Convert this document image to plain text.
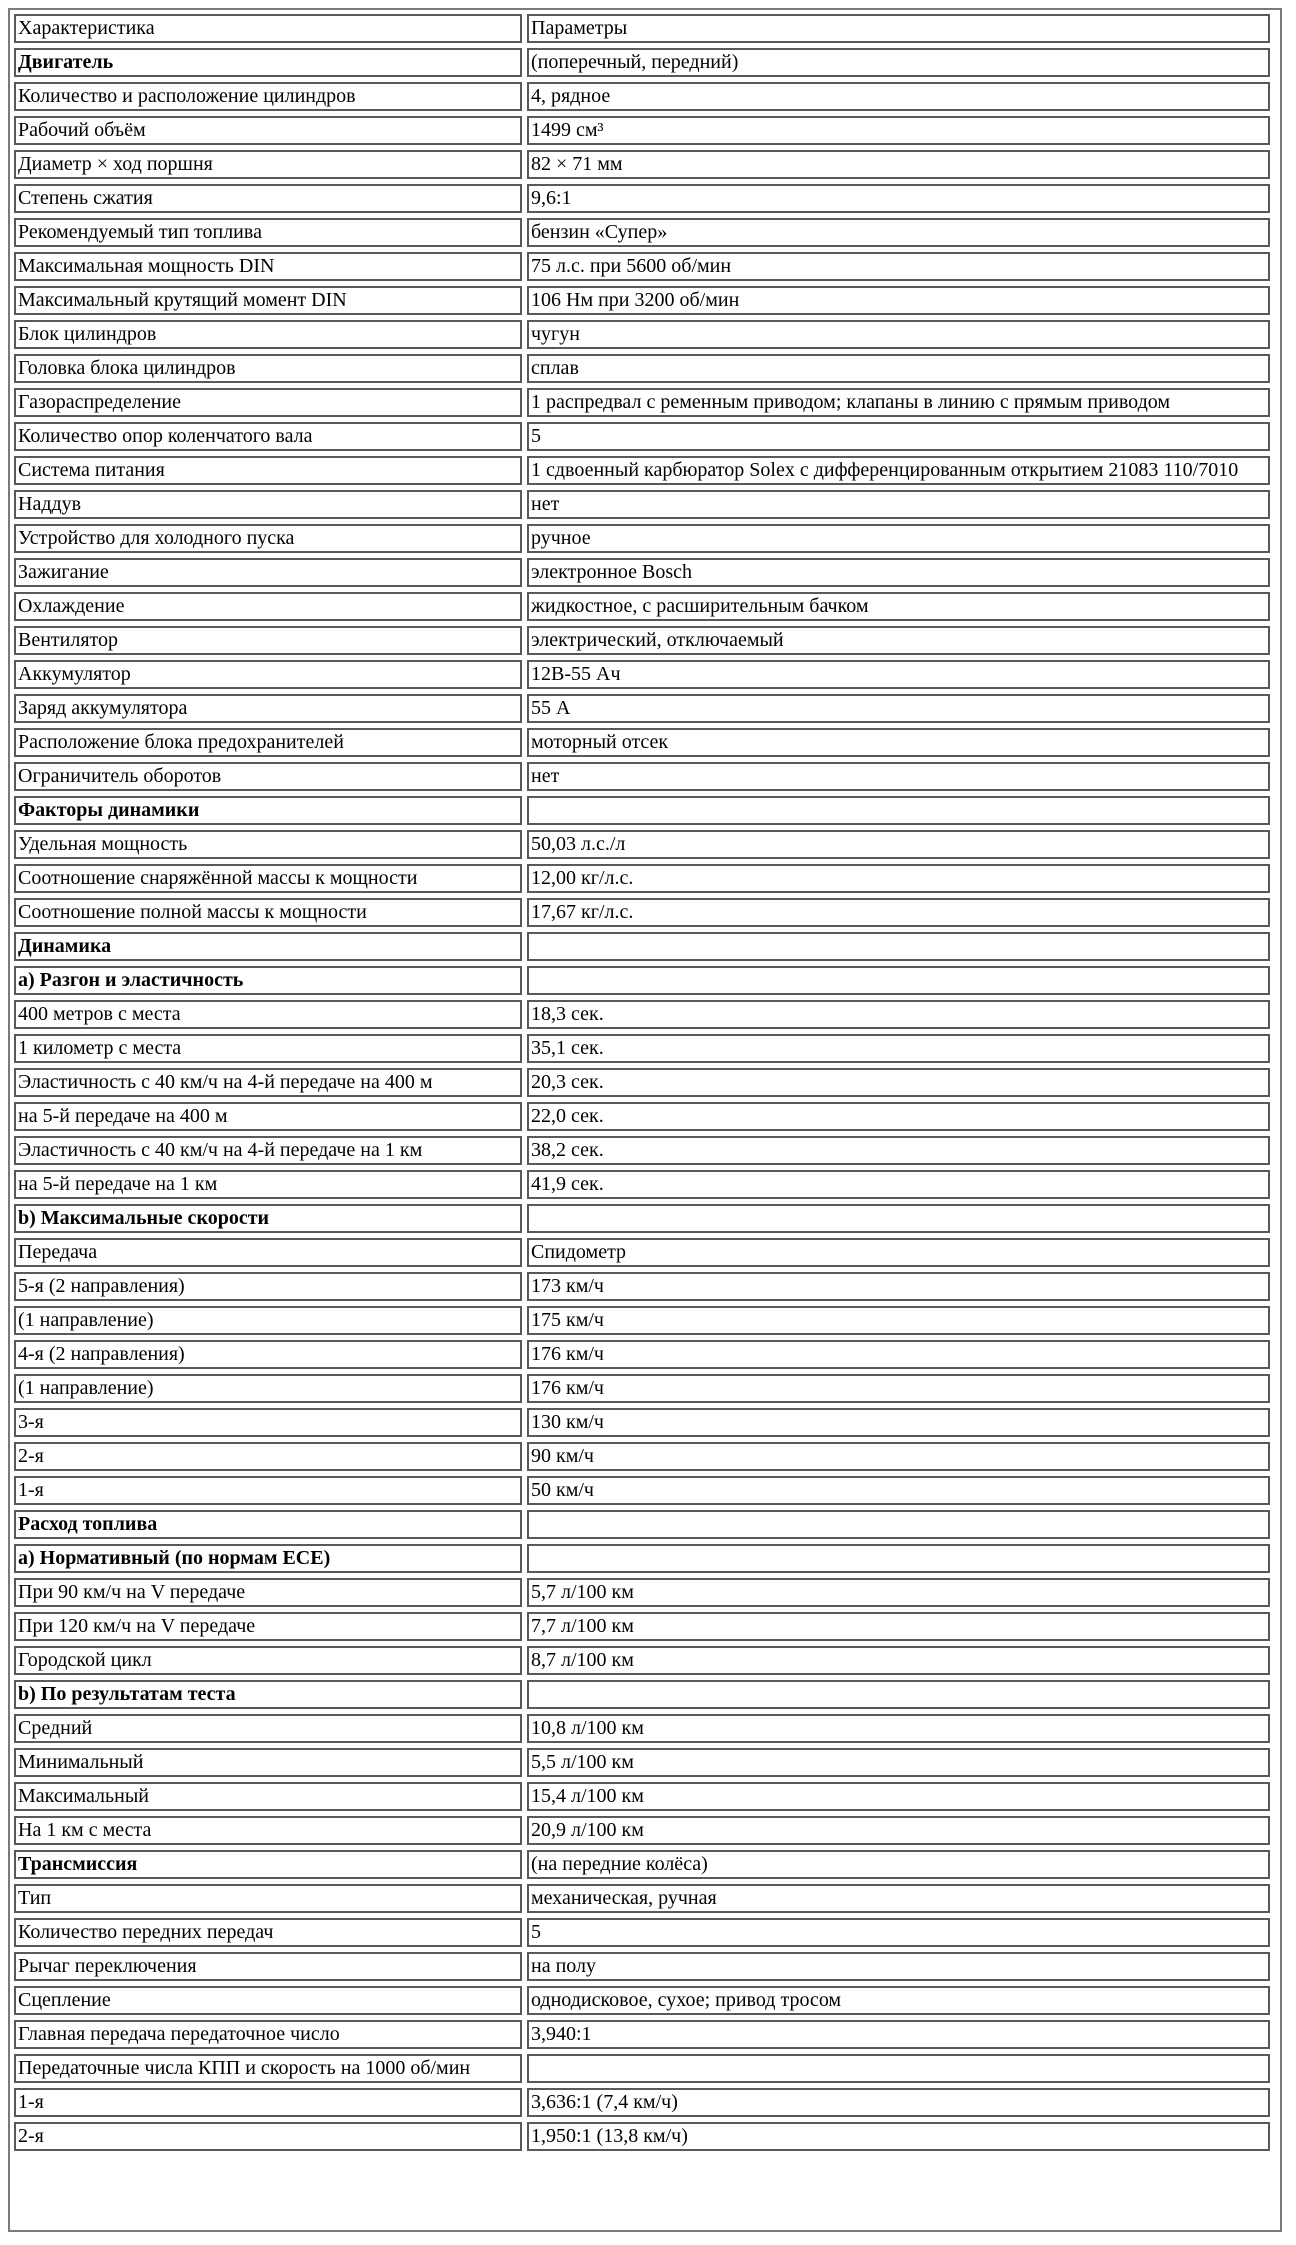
Характеристика	Параметры
Двигатель	(поперечный, передний)
Количество и расположение цилиндров	4, рядное
Рабочий объём	1499 см³
Диаметр × ход поршня	82 × 71 мм
Степень сжатия	9,6:1
Рекомендуемый тип топлива	бензин «Супер»
Максимальная мощность DIN	75 л.с. при 5600 об/мин
Максимальный крутящий момент DIN	106 Нм при 3200 об/мин
Блок цилиндров	чугун
Головка блока цилиндров	сплав
Газораспределение	1 распредвал с ременным приводом; клапаны в линию с прямым приводом
Количество опор коленчатого вала	5
Система питания	1 сдвоенный карбюратор Solex с дифференцированным открытием 21083 110/7010
Наддув	нет
Устройство для холодного пуска	ручное
Зажигание	электронное Bosch
Охлаждение	жидкостное, с расширительным бачком
Вентилятор	электрический, отключаемый
Аккумулятор	12В-55 Ач
Заряд аккумулятора	55 А
Расположение блока предохранителей	моторный отсек
Ограничитель оборотов	нет
Факторы динамики	
Удельная мощность	50,03 л.с./л
Соотношение снаряжённой массы к мощности	12,00 кг/л.с.
Соотношение полной массы к мощности	17,67 кг/л.с.
Динамика	
а) Разгон и эластичность	
400 метров с места	18,3 сек.
1 километр с места	35,1 сек.
Эластичность с 40 км/ч на 4-й передаче на 400 м	20,3 сек.
на 5-й передаче на 400 м	22,0 сек.
Эластичность с 40 км/ч на 4-й передаче на 1 км	38,2 сек.
на 5-й передаче на 1 км	41,9 сек.
b) Максимальные скорости	
Передача	Спидометр
5-я (2 направления)	173 км/ч
(1 направление)	175 км/ч
4-я (2 направления)	176 км/ч
(1 направление)	176 км/ч
3-я	130 км/ч
2-я	90 км/ч
1-я	50 км/ч
Расход топлива	
а) Нормативный (по нормам ЕСЕ)	
При 90 км/ч на V передаче	5,7 л/100 км
При 120 км/ч на V передаче	7,7 л/100 км
Городской цикл	8,7 л/100 км
b) По результатам теста	
Средний	10,8 л/100 км
Минимальный	5,5 л/100 км
Максимальный	15,4 л/100 км
На 1 км с места	20,9 л/100 км
Трансмиссия	(на передние колёса)
Тип	механическая, ручная
Количество передних передач	5
Рычаг переключения	на полу
Сцепление	однодисковое, сухое; привод тросом
Главная передача передаточное число	3,940:1
Передаточные числа КПП и скорость на 1000 об/мин	
1-я	3,636:1 (7,4 км/ч)
2-я	1,950:1 (13,8 км/ч)
